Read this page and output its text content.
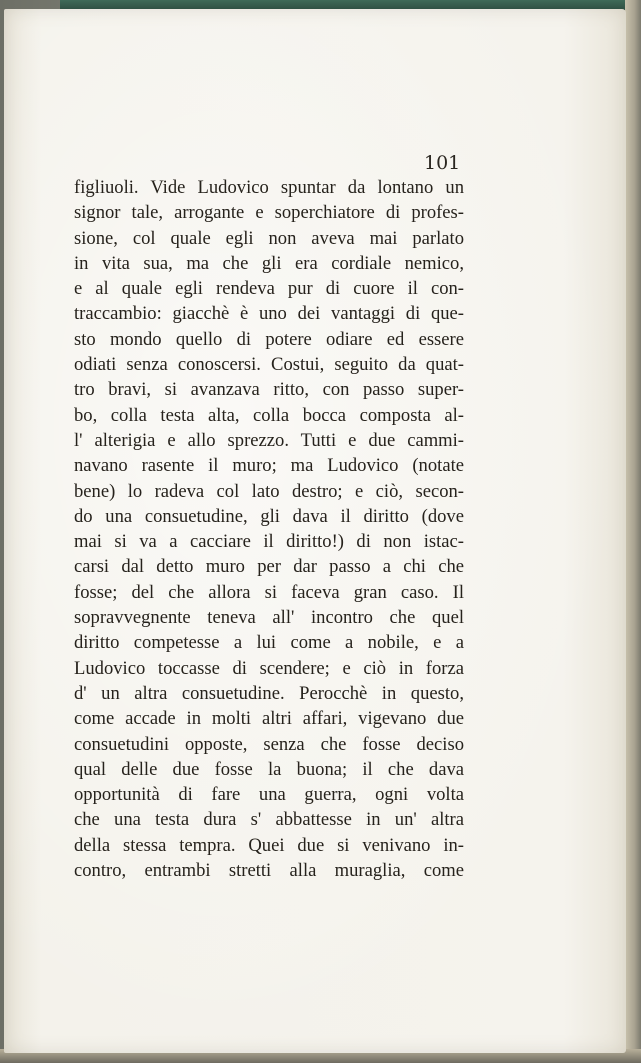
101

figliuoli. Vide Ludovico spuntar da lontano un
signor tale, arrogante e soperchiatore di profes-
sione, col quale egli non aveva mai parlato
in vita sua, ma che gli era cordiale nemico,
e al quale egli rendeva pur di cuore il con-
traccambio: giacchè è uno dei vantaggi di que-
sto mondo quello di potere odiare ed essere
odiati senza conoscersi. Costui, seguito da quat-
tro bravi, si avanzava ritto, con passo super-
bo, colla testa alta, colla bocca composta al-
l' alterigia e allo sprezzo. Tutti e due cammi-
navano rasente il muro; ma Ludovico (notate
bene) lo radeva col lato destro; e ciò, secon-
do una consuetudine, gli dava il diritto (dove
mai si va a cacciare il diritto!) di non istac-
carsi dal detto muro per dar passo a chi che
fosse; del che allora si faceva gran caso. Il
sopravvegnente teneva all' incontro che quel
diritto competesse a lui come a nobile, e a
Ludovico toccasse di scendere; e ciò in forza
d' un altra consuetudine. Perocchè in questo,
come accade in molti altri affari, vigevano due
consuetudini opposte, senza che fosse deciso
qual delle due fosse la buona; il che dava
opportunità di fare una guerra, ogni volta
che una testa dura s' abbattesse in un' altra
della stessa tempra. Quei due si venivano in-
contro, entrambi stretti alla muraglia, come
